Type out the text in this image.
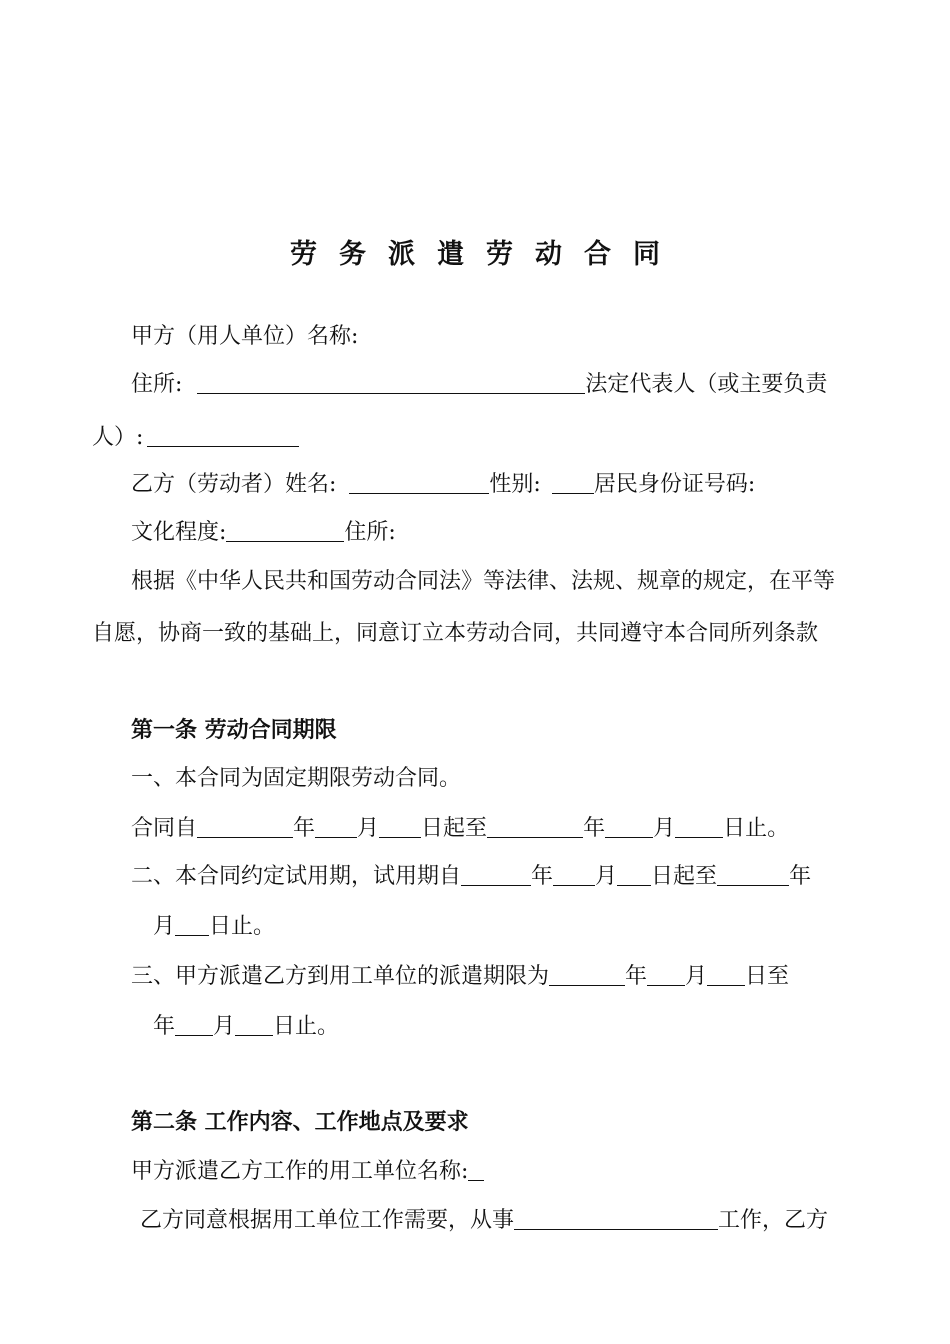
劳务派遣劳动合同
甲方（用人单位）名称:
住所:	法定代表人（或主要负责
人）:
乙方（劳动者）姓名:	性别: 居民身份证号码:
文化程度:	住所:
根据《中华人民共和国劳动合同法》等法律、法规、规章的规定，在平等
自愿，协商一致的基础上，同意订立本劳动合同，共同遵守本合同所列条款
第一条 劳动合同期限
一、本合同为固定期限劳动合同。
合同自	年 月 日起至	年 月 日止。
二、本合同约定试用期，试用期自	年 月 日起至	年
月 日止。
三、甲方派遣乙方到用工单位的派遣期限为	年 月 日至
年 月 日止。
第二条 工作内容、工作地点及要求
甲方派遣乙方工作的用工单位名称:
乙方同意根据用工单位工作需要，从事	工作，乙方
